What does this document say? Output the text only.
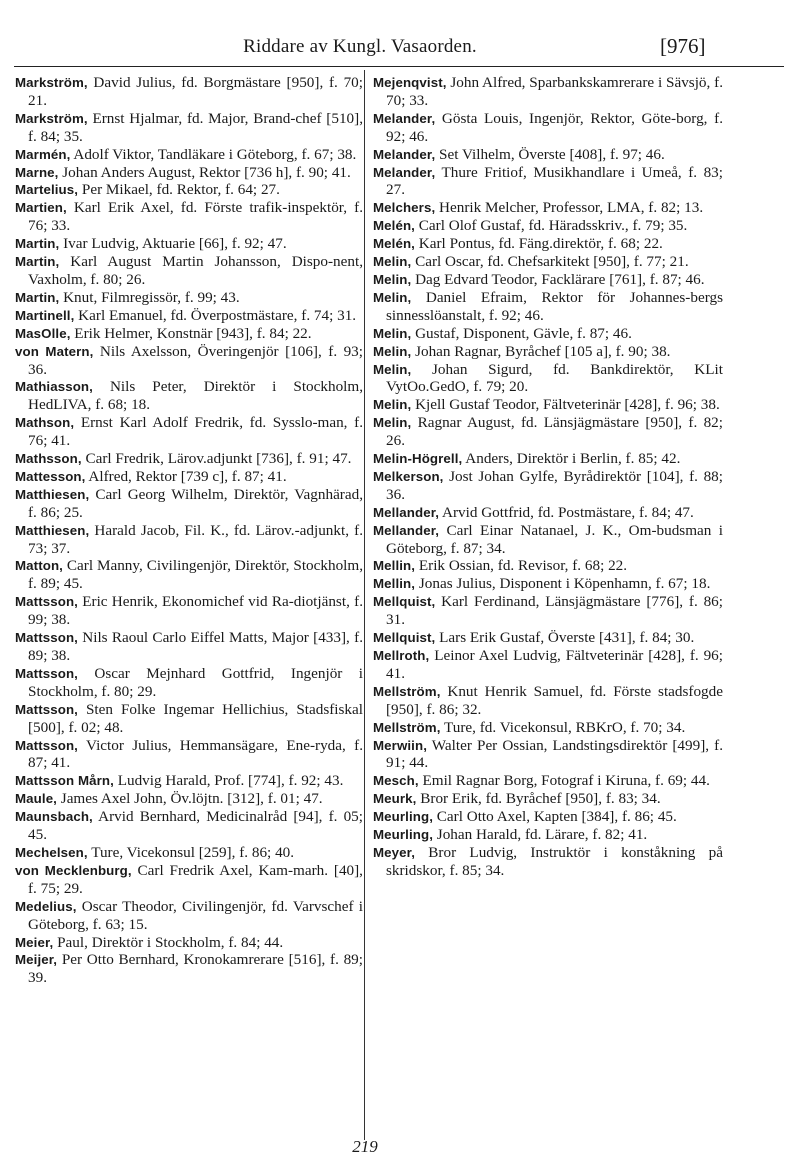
Riddare av Kungl. Vasaorden.	[976]

Markström, David Julius, fd. Borgmästare [950], f. 70; 21.

Markström, Ernst Hjalmar, fd. Major, Brand-chef [510], f. 84; 35.

Marmén, Adolf Viktor, Tandläkare i Göteborg, f. 67; 38.

Marne, Johan Anders August, Rektor [736 h], f. 90; 41.

Martelius, Per Mikael, fd. Rektor, f. 64; 27.

Martien, Karl Erik Axel, fd. Förste trafik-inspektör, f. 76; 33.

Martin, Ivar Ludvig, Aktuarie [66], f. 92; 47.

Martin, Karl August Martin Johansson, Dispo-nent, Vaxholm, f. 80; 26.

Martin, Knut, Filmregissör, f. 99; 43.

Martinell, Karl Emanuel, fd. Överpostmästare, f. 74; 31.

MasOlle, Erik Helmer, Konstnär [943], f. 84; 22.

von Matern, Nils Axelsson, Överingenjör [106], f. 93; 36.

Mathiasson, Nils Peter, Direktör i Stockholm, HedLIVA, f. 68; 18.

Mathson, Ernst Karl Adolf Fredrik, fd. Sysslo-man, f. 76; 41.

Mathsson, Carl Fredrik, Lärov.adjunkt [736], f. 91; 47.

Mattesson, Alfred, Rektor [739 c], f. 87; 41.

Matthiesen, Carl Georg Wilhelm, Direktör, Vagnhärad, f. 86; 25.

Matthiesen, Harald Jacob, Fil. K., fd. Lärov.-adjunkt, f. 73; 37.

Matton, Carl Manny, Civilingenjör, Direktör, Stockholm, f. 89; 45.

Mattsson, Eric Henrik, Ekonomichef vid Ra-diotjänst, f. 99; 38.

Mattsson, Nils Raoul Carlo Eiffel Matts, Major [433], f. 89; 38.

Mattsson, Oscar Mejnhard Gottfrid, Ingenjör i Stockholm, f. 80; 29.

Mattsson, Sten Folke Ingemar Hellichius, Stadsfiskal [500], f. 02; 48.

Mattsson, Victor Julius, Hemmansägare, Ene-ryda, f. 87; 41.

Mattsson Mårn, Ludvig Harald, Prof. [774], f. 92; 43.

Maule, James Axel John, Öv.löjtn. [312], f. 01; 47.

Maunsbach, Arvid Bernhard, Medicinalråd [94], f. 05; 45.

Mechelsen, Ture, Vicekonsul [259], f. 86; 40.

von Mecklenburg, Carl Fredrik Axel, Kam-marh. [40], f. 75; 29.

Medelius, Oscar Theodor, Civilingenjör, fd. Varvschef i Göteborg, f. 63; 15.

Meier, Paul, Direktör i Stockholm, f. 84; 44.

Meijer, Per Otto Bernhard, Kronokamrerare [516], f. 89; 39.

Mejenqvist, John Alfred, Sparbankskamrerare i Sävsjö, f. 70; 33.

Melander, Gösta Louis, Ingenjör, Rektor, Göte-borg, f. 92; 46.

Melander, Set Vilhelm, Överste [408], f. 97; 46.

Melander, Thure Fritiof, Musikhandlare i Umeå, f. 83; 27.

Melchers, Henrik Melcher, Professor, LMA, f. 82; 13.

Melén, Carl Olof Gustaf, fd. Häradsskriv., f. 79; 35.

Melén, Karl Pontus, fd. Fäng.direktör, f. 68; 22.

Melin, Carl Oscar, fd. Chefsarkitekt [950], f. 77; 21.

Melin, Dag Edvard Teodor, Facklärare [761], f. 87; 46.

Melin, Daniel Efraim, Rektor för Johannes-bergs sinnesslöanstalt, f. 92; 46.

Melin, Gustaf, Disponent, Gävle, f. 87; 46.

Melin, Johan Ragnar, Byråchef [105 a], f. 90; 38.

Melin, Johan Sigurd, fd. Bankdirektör, KLit VytOo.GedO, f. 79; 20.

Melin, Kjell Gustaf Teodor, Fältveterinär [428], f. 96; 38.

Melin, Ragnar August, fd. Länsjägmästare [950], f. 82; 26.

Melin-Högrell, Anders, Direktör i Berlin, f. 85; 42.

Melkerson, Jost Johan Gylfe, Byrådirektör [104], f. 88; 36.

Mellander, Arvid Gottfrid, fd. Postmästare, f. 84; 47.

Mellander, Carl Einar Natanael, J. K., Om-budsman i Göteborg, f. 87; 34.

Mellin, Erik Ossian, fd. Revisor, f. 68; 22.

Mellin, Jonas Julius, Disponent i Köpenhamn, f. 67; 18.

Mellquist, Karl Ferdinand, Länsjägmästare [776], f. 86; 31.

Mellquist, Lars Erik Gustaf, Överste [431], f. 84; 30.

Mellroth, Leinor Axel Ludvig, Fältveterinär [428], f. 96; 41.

Mellström, Knut Henrik Samuel, fd. Förste stadsfogde [950], f. 86; 32.

Mellström, Ture, fd. Vicekonsul, RBKrO, f. 70; 34.

Merwiin, Walter Per Ossian, Landstingsdirektör [499], f. 91; 44.

Mesch, Emil Ragnar Borg, Fotograf i Kiruna, f. 69; 44.

Meurk, Bror Erik, fd. Byråchef [950], f. 83; 34.

Meurling, Carl Otto Axel, Kapten [384], f. 86; 45.

Meurling, Johan Harald, fd. Lärare, f. 82; 41.

Meyer, Bror Ludvig, Instruktör i konståkning på skridskor, f. 85; 34.

219
